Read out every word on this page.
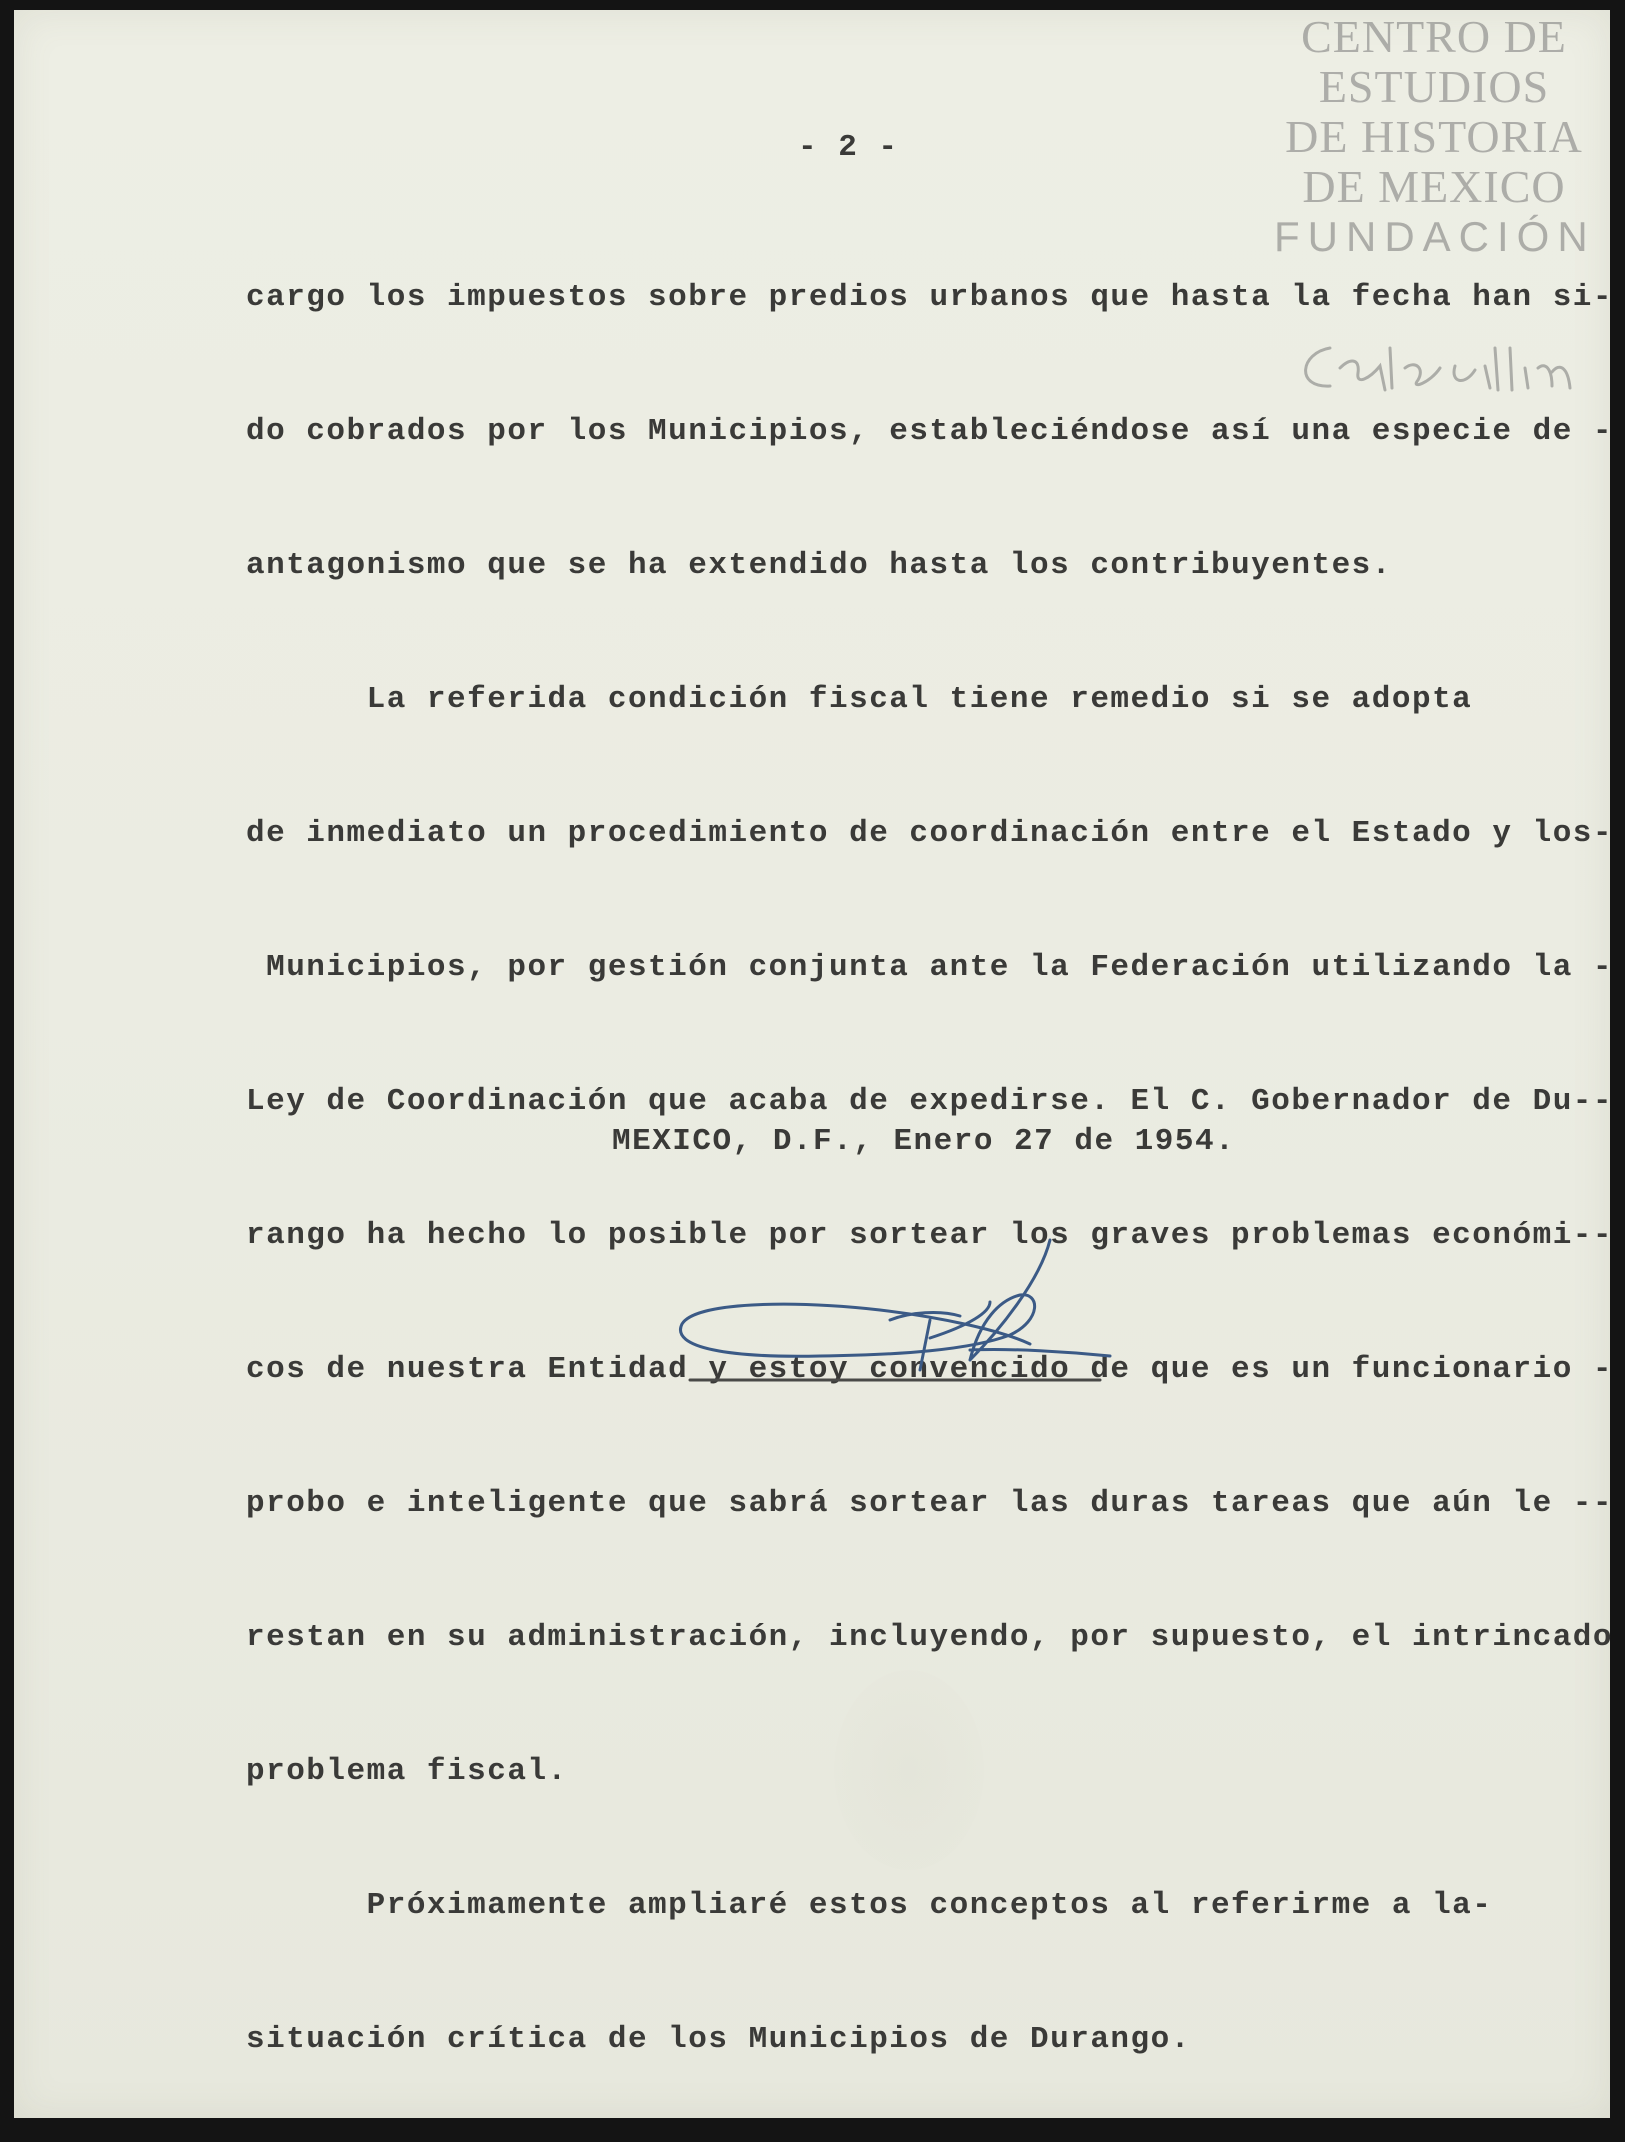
CENTRO DE
ESTUDIOS
DE HISTORIA
DE MEXICO
FUNDACIÓN
- 2 -

cargo los impuestos sobre predios urbanos que hasta la fecha han si-

do cobrados por los Municipios, estableciéndose así una especie de -

antagonismo que se ha extendido hasta los contribuyentes.

La referida condición fiscal tiene remedio si se adopta

de inmediato un procedimiento de coordinación entre el Estado y los-

Municipios, por gestión conjunta ante la Federación utilizando la -

Ley de Coordinación que acaba de expedirse. El C. Gobernador de Du--

rango ha hecho lo posible por sortear los graves problemas económi--

cos de nuestra Entidad y estoy convencido de que es un funcionario -

probo e inteligente que sabrá sortear las duras tareas que aún le --

restan en su administración, incluyendo, por supuesto, el intrincado

problema fiscal.

Próximamente ampliaré estos conceptos al referirme a la-

situación crítica de los Municipios de Durango.

MEXICO, D.F., Enero 27 de 1954.
